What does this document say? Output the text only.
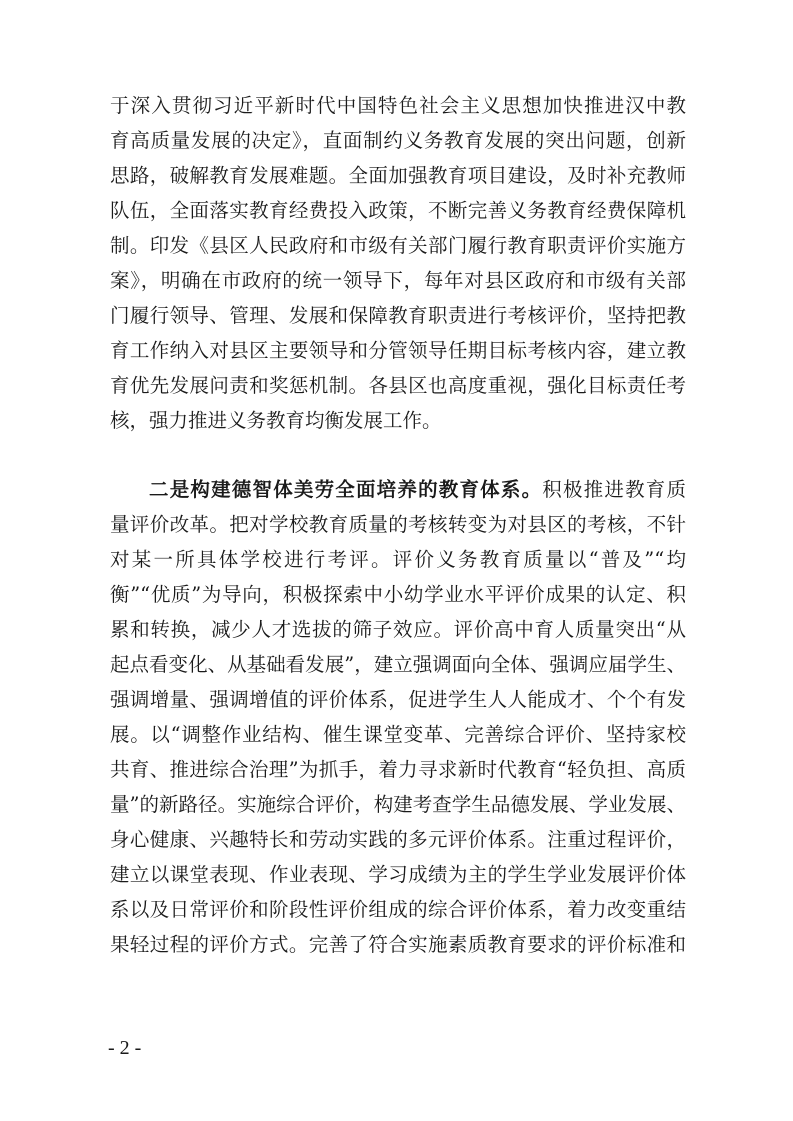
于深入贯彻习近平新时代中国特色社会主义思想加快推进汉中教
育高质量发展的决定》，直面制约义务教育发展的突出问题，创新
思路，破解教育发展难题。全面加强教育项目建设，及时补充教师
队伍，全面落实教育经费投入政策，不断完善义务教育经费保障机
制。印发《县区人民政府和市级有关部门履行教育职责评价实施方
案》，明确在市政府的统一领导下，每年对县区政府和市级有关部
门履行领导、管理、发展和保障教育职责进行考核评价，坚持把教
育工作纳入对县区主要领导和分管领导任期目标考核内容，建立教
育优先发展问责和奖惩机制。各县区也高度重视，强化目标责任考
核，强力推进义务教育均衡发展工作。
二是构建德智体美劳全面培养的教育体系。积极推进教育质
量评价改革。把对学校教育质量的考核转变为对县区的考核，不针
对某一所具体学校进行考评。评价义务教育质量以“普及”“均
衡”“优质”为导向，积极探索中小幼学业水平评价成果的认定、积
累和转换，减少人才选拔的筛子效应。评价高中育人质量突出“从
起点看变化、从基础看发展”，建立强调面向全体、强调应届学生、
强调增量、强调增值的评价体系，促进学生人人能成才、个个有发
展。以“调整作业结构、催生课堂变革、完善综合评价、坚持家校
共育、推进综合治理”为抓手，着力寻求新时代教育“轻负担、高质
量”的新路径。实施综合评价，构建考查学生品德发展、学业发展、
身心健康、兴趣特长和劳动实践的多元评价体系。注重过程评价，
建立以课堂表现、作业表现、学习成绩为主的学生学业发展评价体
系以及日常评价和阶段性评价组成的综合评价体系，着力改变重结
果轻过程的评价方式。完善了符合实施素质教育要求的评价标准和
- 2 -
